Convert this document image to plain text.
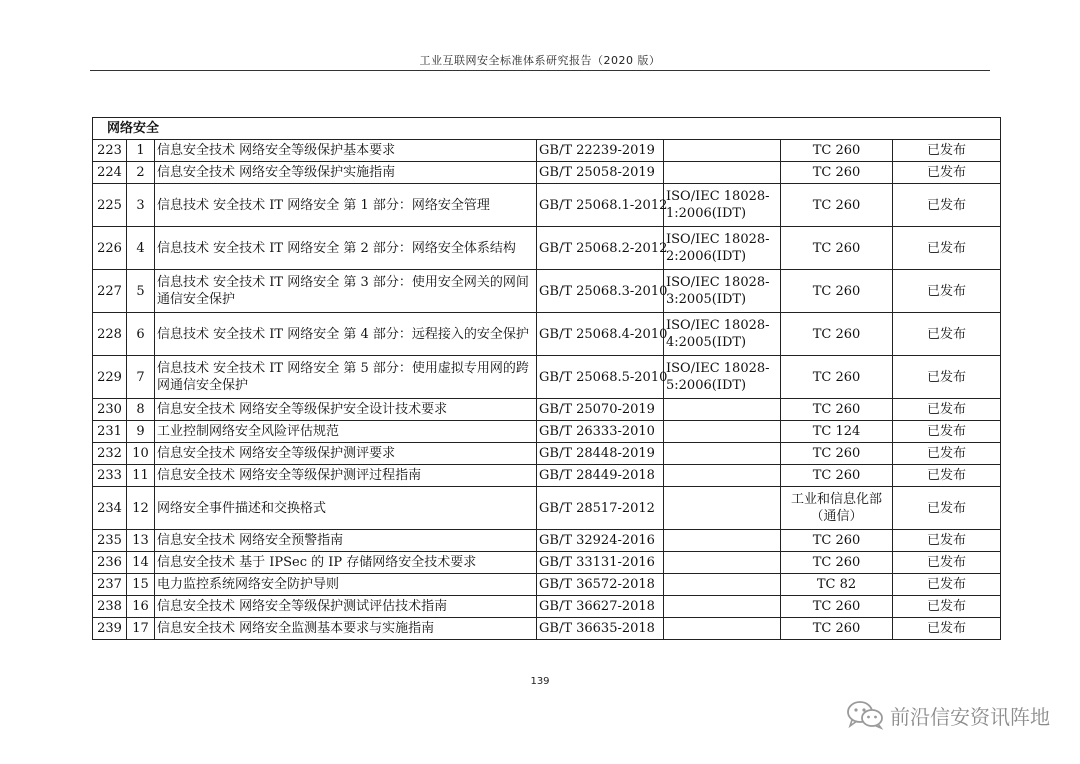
工业互联网安全标准体系研究报告（2020 版）
网络安全						
223	1	信息安全技术 网络安全等级保护基本要求	GB/T 22239-2019		TC 260	已发布
224	2	信息安全技术 网络安全等级保护实施指南	GB/T 25058-2019		TC 260	已发布
225	3	信息技术 安全技术 IT 网络安全 第 1 部分：网络安全管理	GB/T 25068.1-2012	ISO/IEC 18028-1:2006(IDT)	TC 260	已发布
226	4	信息技术 安全技术 IT 网络安全 第 2 部分：网络安全体系结构	GB/T 25068.2-2012	ISO/IEC 18028-2:2006(IDT)	TC 260	已发布
227	5	信息技术 安全技术 IT 网络安全 第 3 部分：使用安全网关的网间通信安全保护	GB/T 25068.3-2010	ISO/IEC 18028-3:2005(IDT)	TC 260	已发布
228	6	信息技术 安全技术 IT 网络安全 第 4 部分：远程接入的安全保护	GB/T 25068.4-2010	ISO/IEC 18028-4:2005(IDT)	TC 260	已发布
229	7	信息技术 安全技术 IT 网络安全 第 5 部分：使用虚拟专用网的跨网通信安全保护	GB/T 25068.5-2010	ISO/IEC 18028-5:2006(IDT)	TC 260	已发布
230	8	信息安全技术 网络安全等级保护安全设计技术要求	GB/T 25070-2019		TC 260	已发布
231	9	工业控制网络安全风险评估规范	GB/T 26333-2010		TC 124	已发布
232	10	信息安全技术 网络安全等级保护测评要求	GB/T 28448-2019		TC 260	已发布
233	11	信息安全技术 网络安全等级保护测评过程指南	GB/T 28449-2018		TC 260	已发布
234	12	网络安全事件描述和交换格式	GB/T 28517-2012		工业和信息化部（通信）	已发布
235	13	信息安全技术 网络安全预警指南	GB/T 32924-2016		TC 260	已发布
236	14	信息安全技术 基于 IPSec 的 IP 存储网络安全技术要求	GB/T 33131-2016		TC 260	已发布
237	15	电力监控系统网络安全防护导则	GB/T 36572-2018		TC 82	已发布
238	16	信息安全技术 网络安全等级保护测试评估技术指南	GB/T 36627-2018		TC 260	已发布
239	17	信息安全技术 网络安全监测基本要求与实施指南	GB/T 36635-2018		TC 260	已发布
139
前沿信安资讯阵地
